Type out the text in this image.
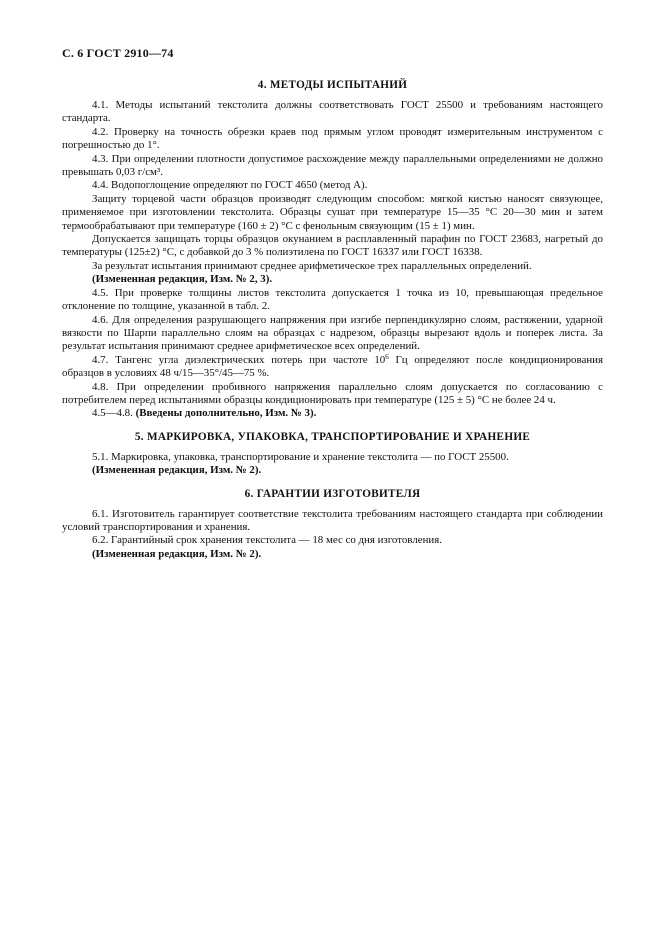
С. 6 ГОСТ 2910—74
4. МЕТОДЫ ИСПЫТАНИЙ

4.1. Методы испытаний текстолита должны соответствовать ГОСТ 25500 и требованиям настоящего стандарта.

4.2. Проверку на точность обрезки краев под прямым углом проводят измерительным инструментом с погрешностью до 1°.

4.3. При определении плотности допустимое расхождение между параллельными определениями не должно превышать 0,03 г/см³.

4.4. Водопоглощение определяют по ГОСТ 4650 (метод А).

Защиту торцевой части образцов производят следующим способом: мягкой кистью наносят связующее, применяемое при изготовлении текстолита. Образцы сушат при температуре 15—35 °С 20—30 мин и затем термообрабатывают при температуре (160 ± 2) °С с фенольным связующим (15 ± 1) мин.

Допускается защищать торцы образцов окунанием в расплавленный парафин по ГОСТ 23683, нагретый до температуры (125±2) °С, с добавкой до 3 % полиэтилена по ГОСТ 16337 или ГОСТ 16338.

За результат испытания принимают среднее арифметическое трех параллельных определений.

(Измененная редакция, Изм. № 2, 3).

4.5. При проверке толщины листов текстолита допускается 1 точка из 10, превышающая предельное отклонение по толщине, указанной в табл. 2.

4.6. Для определения разрушающего напряжения при изгибе перпендикулярно слоям, растяжении, ударной вязкости по Шарпи параллельно слоям на образцах с надрезом, образцы вырезают вдоль и поперек листа. За результат испытания принимают среднее арифметическое всех определений.

4.7. Тангенс угла диэлектрических потерь при частоте $10^6$ Гц определяют после кондиционирования образцов в условиях 48 ч/15—35°/45—75 %.

4.8. При определении пробивного напряжения параллельно слоям допускается по согласованию с потребителем перед испытаниями образцы кондиционировать при температуре (125 ± 5) °С не более 24 ч.

4.5—4.8. (Введены дополнительно, Изм. № 3).

5. МАРКИРОВКА, УПАКОВКА, ТРАНСПОРТИРОВАНИЕ И ХРАНЕНИЕ

5.1. Маркировка, упаковка, транспортирование и хранение текстолита — по ГОСТ 25500.

(Измененная редакция, Изм. № 2).

6. ГАРАНТИИ ИЗГОТОВИТЕЛЯ

6.1. Изготовитель гарантирует соответствие текстолита требованиям настоящего стандарта при соблюдении условий транспортирования и хранения.

6.2. Гарантийный срок хранения текстолита — 18 мес со дня изготовления.

(Измененная редакция, Изм. № 2).
